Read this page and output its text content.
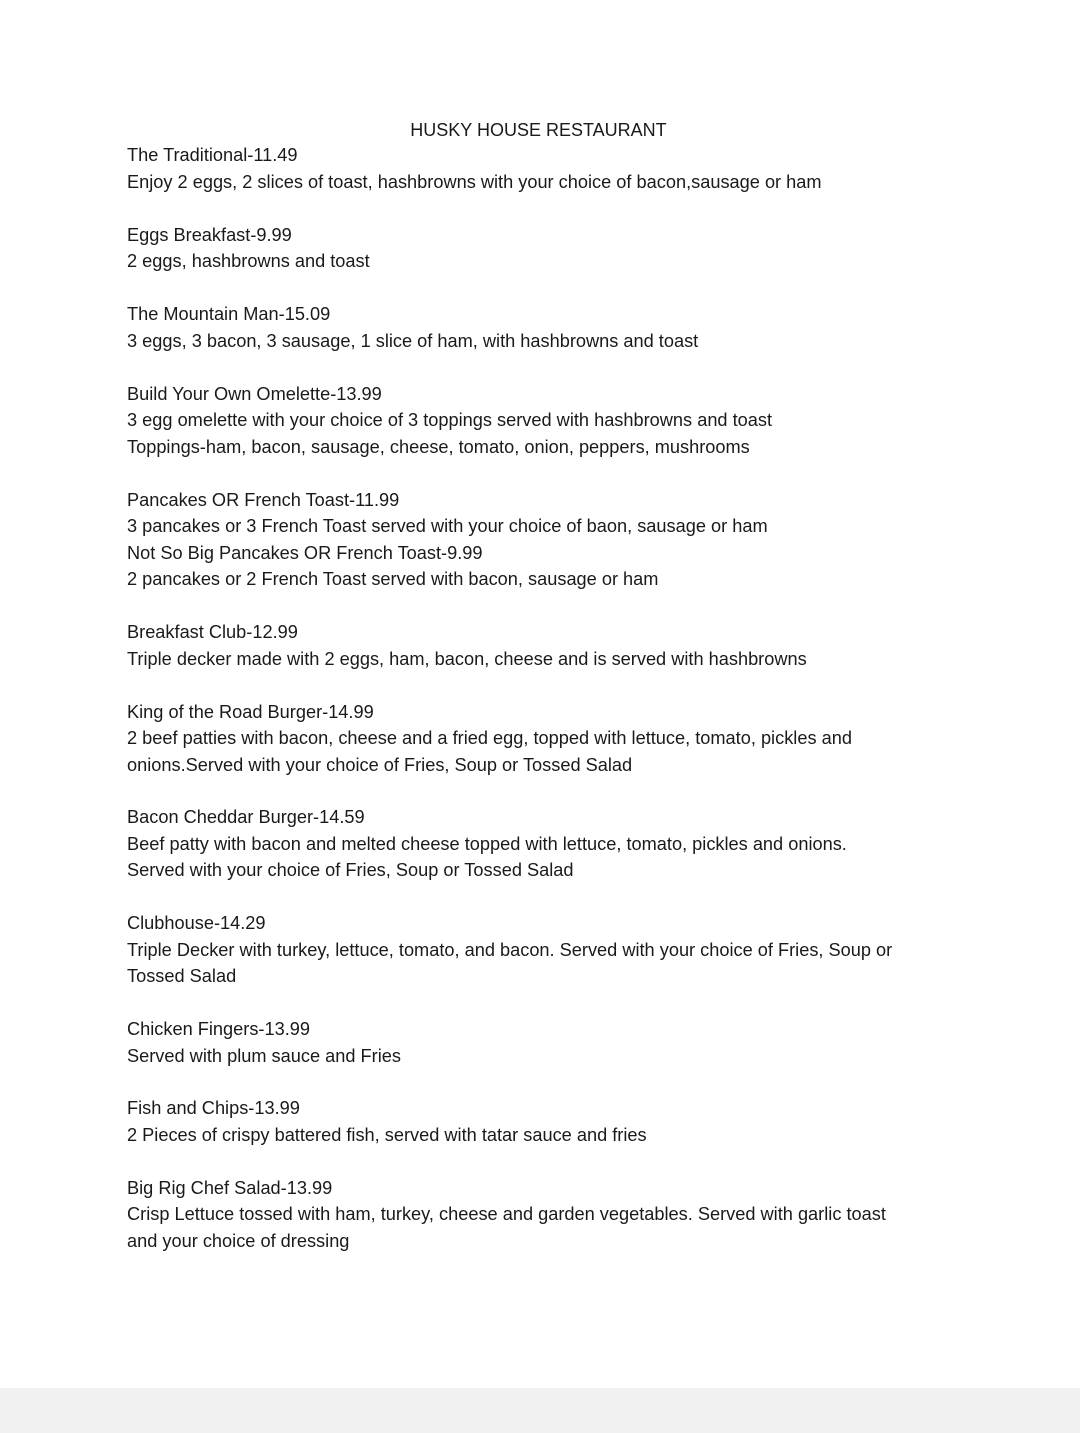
HUSKY HOUSE RESTAURANT
The Traditional-11.49
Enjoy 2 eggs, 2 slices of toast, hashbrowns with your choice of bacon,sausage or ham
Eggs Breakfast-9.99
2 eggs, hashbrowns and toast
The Mountain Man-15.09
3 eggs, 3 bacon, 3 sausage, 1 slice of ham, with hashbrowns and toast
Build Your Own Omelette-13.99
3 egg omelette with your choice of 3 toppings served with hashbrowns and toast
Toppings-ham, bacon, sausage, cheese, tomato, onion, peppers, mushrooms
Pancakes OR French Toast-11.99
3 pancakes or 3 French Toast served with your choice of baon, sausage or ham
Not So Big Pancakes OR French Toast-9.99
2 pancakes or 2 French Toast served with bacon, sausage or ham
Breakfast Club-12.99
Triple decker made with 2 eggs, ham, bacon, cheese and is served with hashbrowns
King of the Road Burger-14.99
2 beef patties with bacon, cheese and a fried egg, topped with lettuce, tomato, pickles and
onions.Served with your choice of Fries, Soup or Tossed Salad
Bacon Cheddar Burger-14.59
Beef patty with bacon and melted cheese topped with lettuce, tomato, pickles and onions.
Served with your choice of Fries, Soup or Tossed Salad
Clubhouse-14.29
Triple Decker with turkey, lettuce, tomato, and bacon. Served with your choice of Fries, Soup or
Tossed Salad
Chicken Fingers-13.99
Served with plum sauce and Fries
Fish and Chips-13.99
2 Pieces of crispy battered fish, served with tatar sauce and fries
Big Rig Chef Salad-13.99
Crisp Lettuce tossed with ham, turkey, cheese and garden vegetables. Served with garlic toast
and your choice of dressing
